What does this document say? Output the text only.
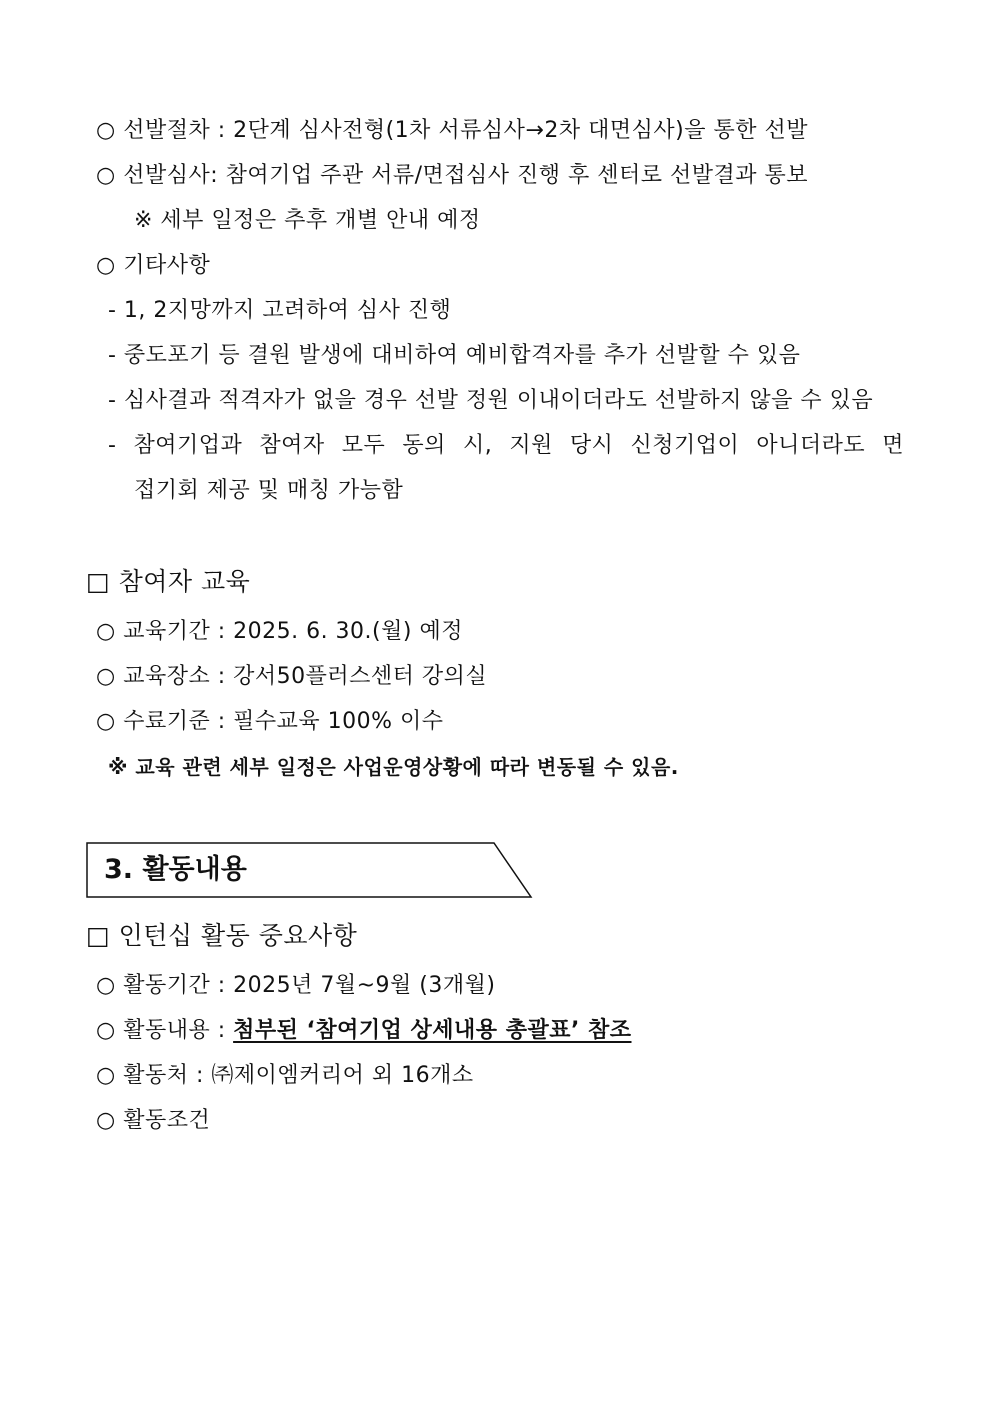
○ 선발절차 : 2단계 심사전형(1차 서류심사→2차 대면심사)을 통한 선발
○ 선발심사: 참여기업 주관 서류/면접심사 진행 후 센터로 선발결과 통보
※ 세부 일정은 추후 개별 안내 예정
○ 기타사항
- 1, 2지망까지 고려하여 심사 진행
- 중도포기 등 결원 발생에 대비하여 예비합격자를 추가 선발할 수 있음
- 심사결과 적격자가 없을 경우 선발 정원 이내이더라도 선발하지 않을 수 있음
- 참여기업과 참여자 모두 동의 시, 지원 당시 신청기업이 아니더라도 면
접기회 제공 및 매칭 가능함
□ 참여자 교육
○ 교육기간 : 2025. 6. 30.(월) 예정
○ 교육장소 : 강서50플러스센터 강의실
○ 수료기준 : 필수교육 100% 이수
※ 교육 관련 세부 일정은 사업운영상황에 따라 변동될 수 있음.
3. 활동내용
□ 인턴십 활동 중요사항
○ 활동기간 : 2025년 7월~9월 (3개월)
○ 활동내용 : 첨부된 ‘참여기업 상세내용 총괄표’ 참조
○ 활동처 : ㈜제이엠커리어 외 16개소
○ 활동조건
